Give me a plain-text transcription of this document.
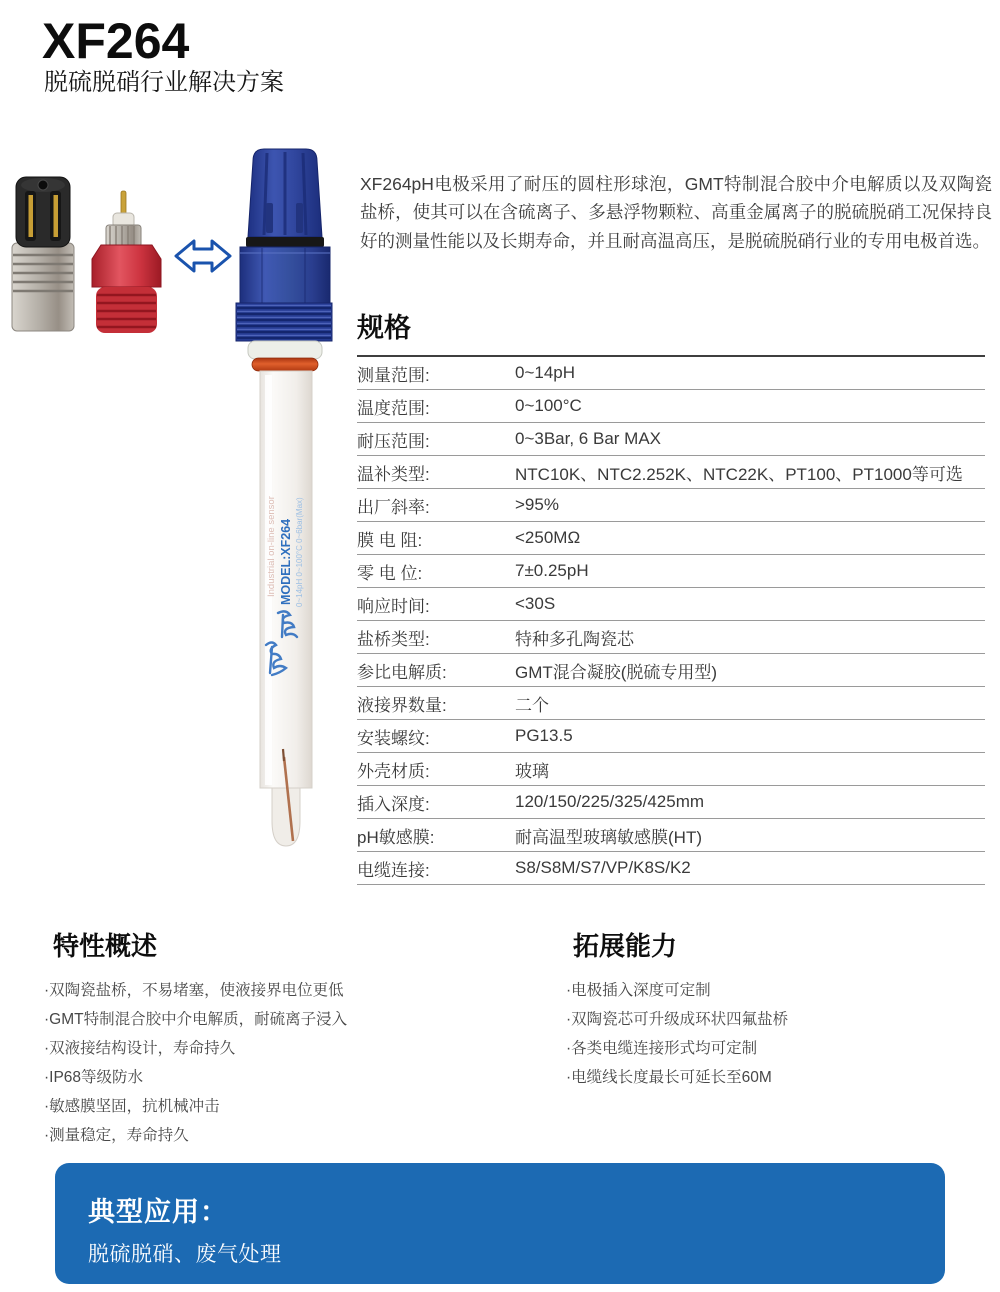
XF264
脱硫脱硝行业解决方案
Industrial on-line sensor MODEL:XF264 0~14pH 0~100°C 0~6bar(Max)

XF264pH电极采用了耐压的圆柱形球泡，GMT特制混合胶中介电解质以及双陶瓷盐桥，使其可以在含硫离子、多悬浮物颗粒、高重金属离子的脱硫脱硝工况保持良好的测量性能以及长期寿命，并且耐高温高压，是脱硫脱硝行业的专用电极首选。

规格
测量范围:	0~14pH
温度范围:	0~100°C
耐压范围:	0~3Bar, 6 Bar MAX
温补类型:	NTC10K、NTC2.252K、NTC22K、PT100、PT1000等可选
出厂斜率:	>95%
膜 电 阻:	<250MΩ
零 电 位:	7±0.25pH
响应时间:	<30S
盐桥类型:	特种多孔陶瓷芯
参比电解质:	GMT混合凝胶(脱硫专用型)
液接界数量:	二个
安装螺纹:	PG13.5
外壳材质:	玻璃
插入深度:	120/150/225/325/425mm
pH敏感膜:	耐高温型玻璃敏感膜(HT)
电缆连接:	S8/S8M/S7/VP/K8S/K2
特性概述
·双陶瓷盐桥，不易堵塞，使液接界电位更低
·GMT特制混合胶中介电解质，耐硫离子浸入
·双液接结构设计，寿命持久
·IP68等级防水
·敏感膜坚固，抗机械冲击
·测量稳定，寿命持久
拓展能力
·电极插入深度可定制
·双陶瓷芯可升级成环状四氟盐桥
·各类电缆连接形式均可定制
·电缆线长度最长可延长至60M
典型应用：
脱硫脱硝、废气处理
